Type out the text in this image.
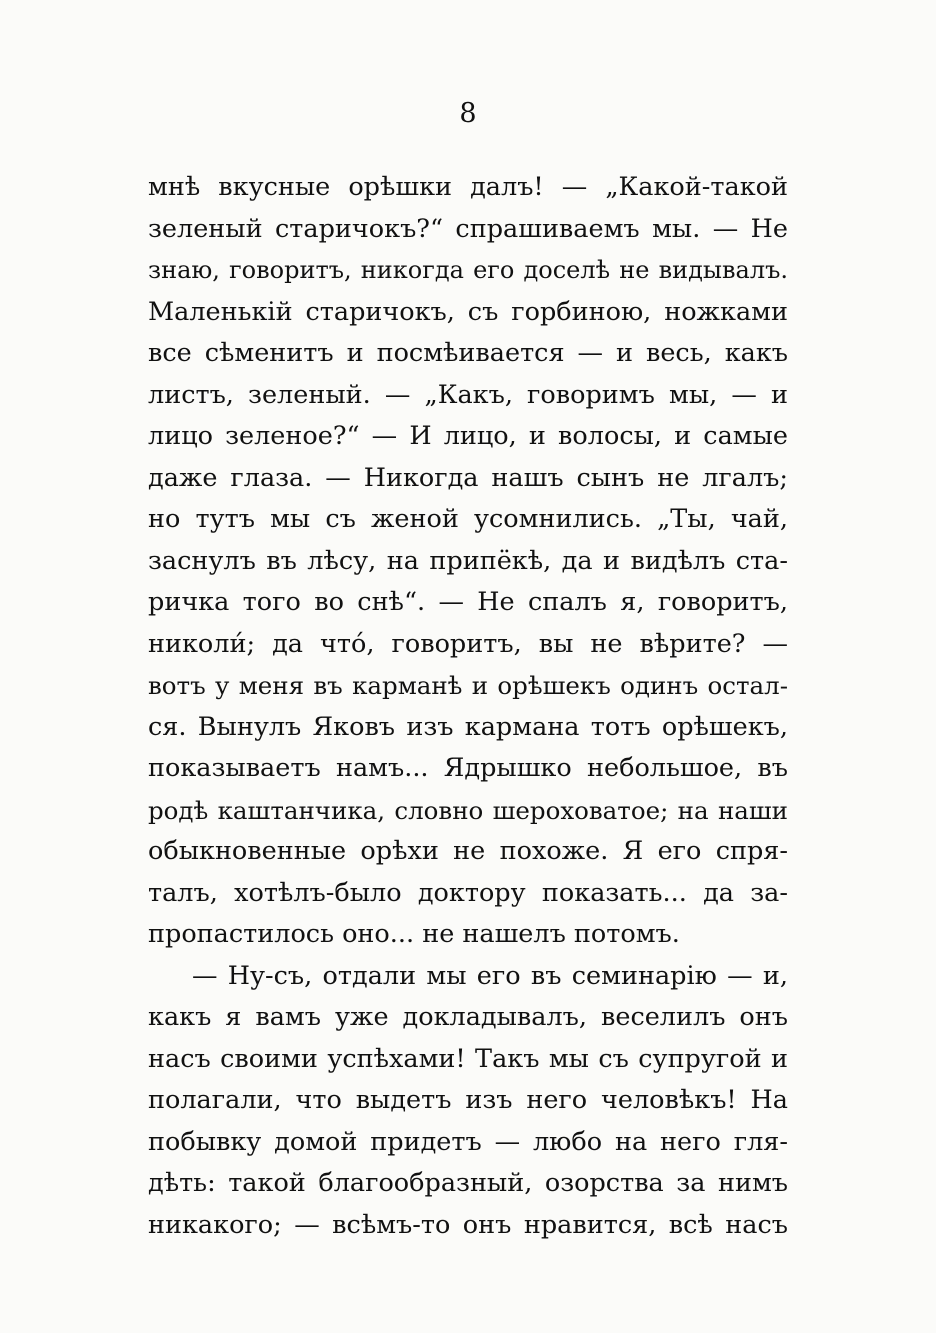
8
мнѣ вкусные орѣшки далъ! — „Какой-такой
зеленый старичокъ?“ спрашиваемъ мы. — Не
знаю, говоритъ, никогда его доселѣ не видывалъ.
Маленькій старичокъ, съ горбиною, ножками
все сѣменитъ и посмѣивается — и весь, какъ
листъ, зеленый. — „Какъ, говоримъ мы, — и
лицо зеленое?“ — И лицо, и волосы, и самые
даже глаза. — Никогда нашъ сынъ не лгалъ;
но тутъ мы съ женой усомнились. „Ты, чай,
заснулъ въ лѣсу, на припёкѣ, да и видѣлъ ста-
ричка того во снѣ“. — Не спалъ я, говоритъ,
николи́; да что́, говоритъ, вы не вѣрите? —
вотъ у меня въ карманѣ и орѣшекъ одинъ остал-
ся. Вынулъ Яковъ изъ кармана тотъ орѣшекъ,
показываетъ намъ... Ядрышко небольшое, въ
родѣ каштанчика, словно шероховатое; на наши
обыкновенные орѣхи не похоже. Я его спря-
талъ, хотѣлъ-было доктору показать... да за-
пропастилось оно... не нашелъ потомъ.
— Ну-съ, отдали мы его въ семинарію — и,
какъ я вамъ уже докладывалъ, веселилъ онъ
насъ своими успѣхами! Такъ мы съ супругой и
полагали, что выдетъ изъ него человѣкъ! На
побывку домой придетъ — любо на него гля-
дѣть: такой благообразный, озорства за нимъ
никакого; — всѣмъ-то онъ нравится, всѣ насъ
